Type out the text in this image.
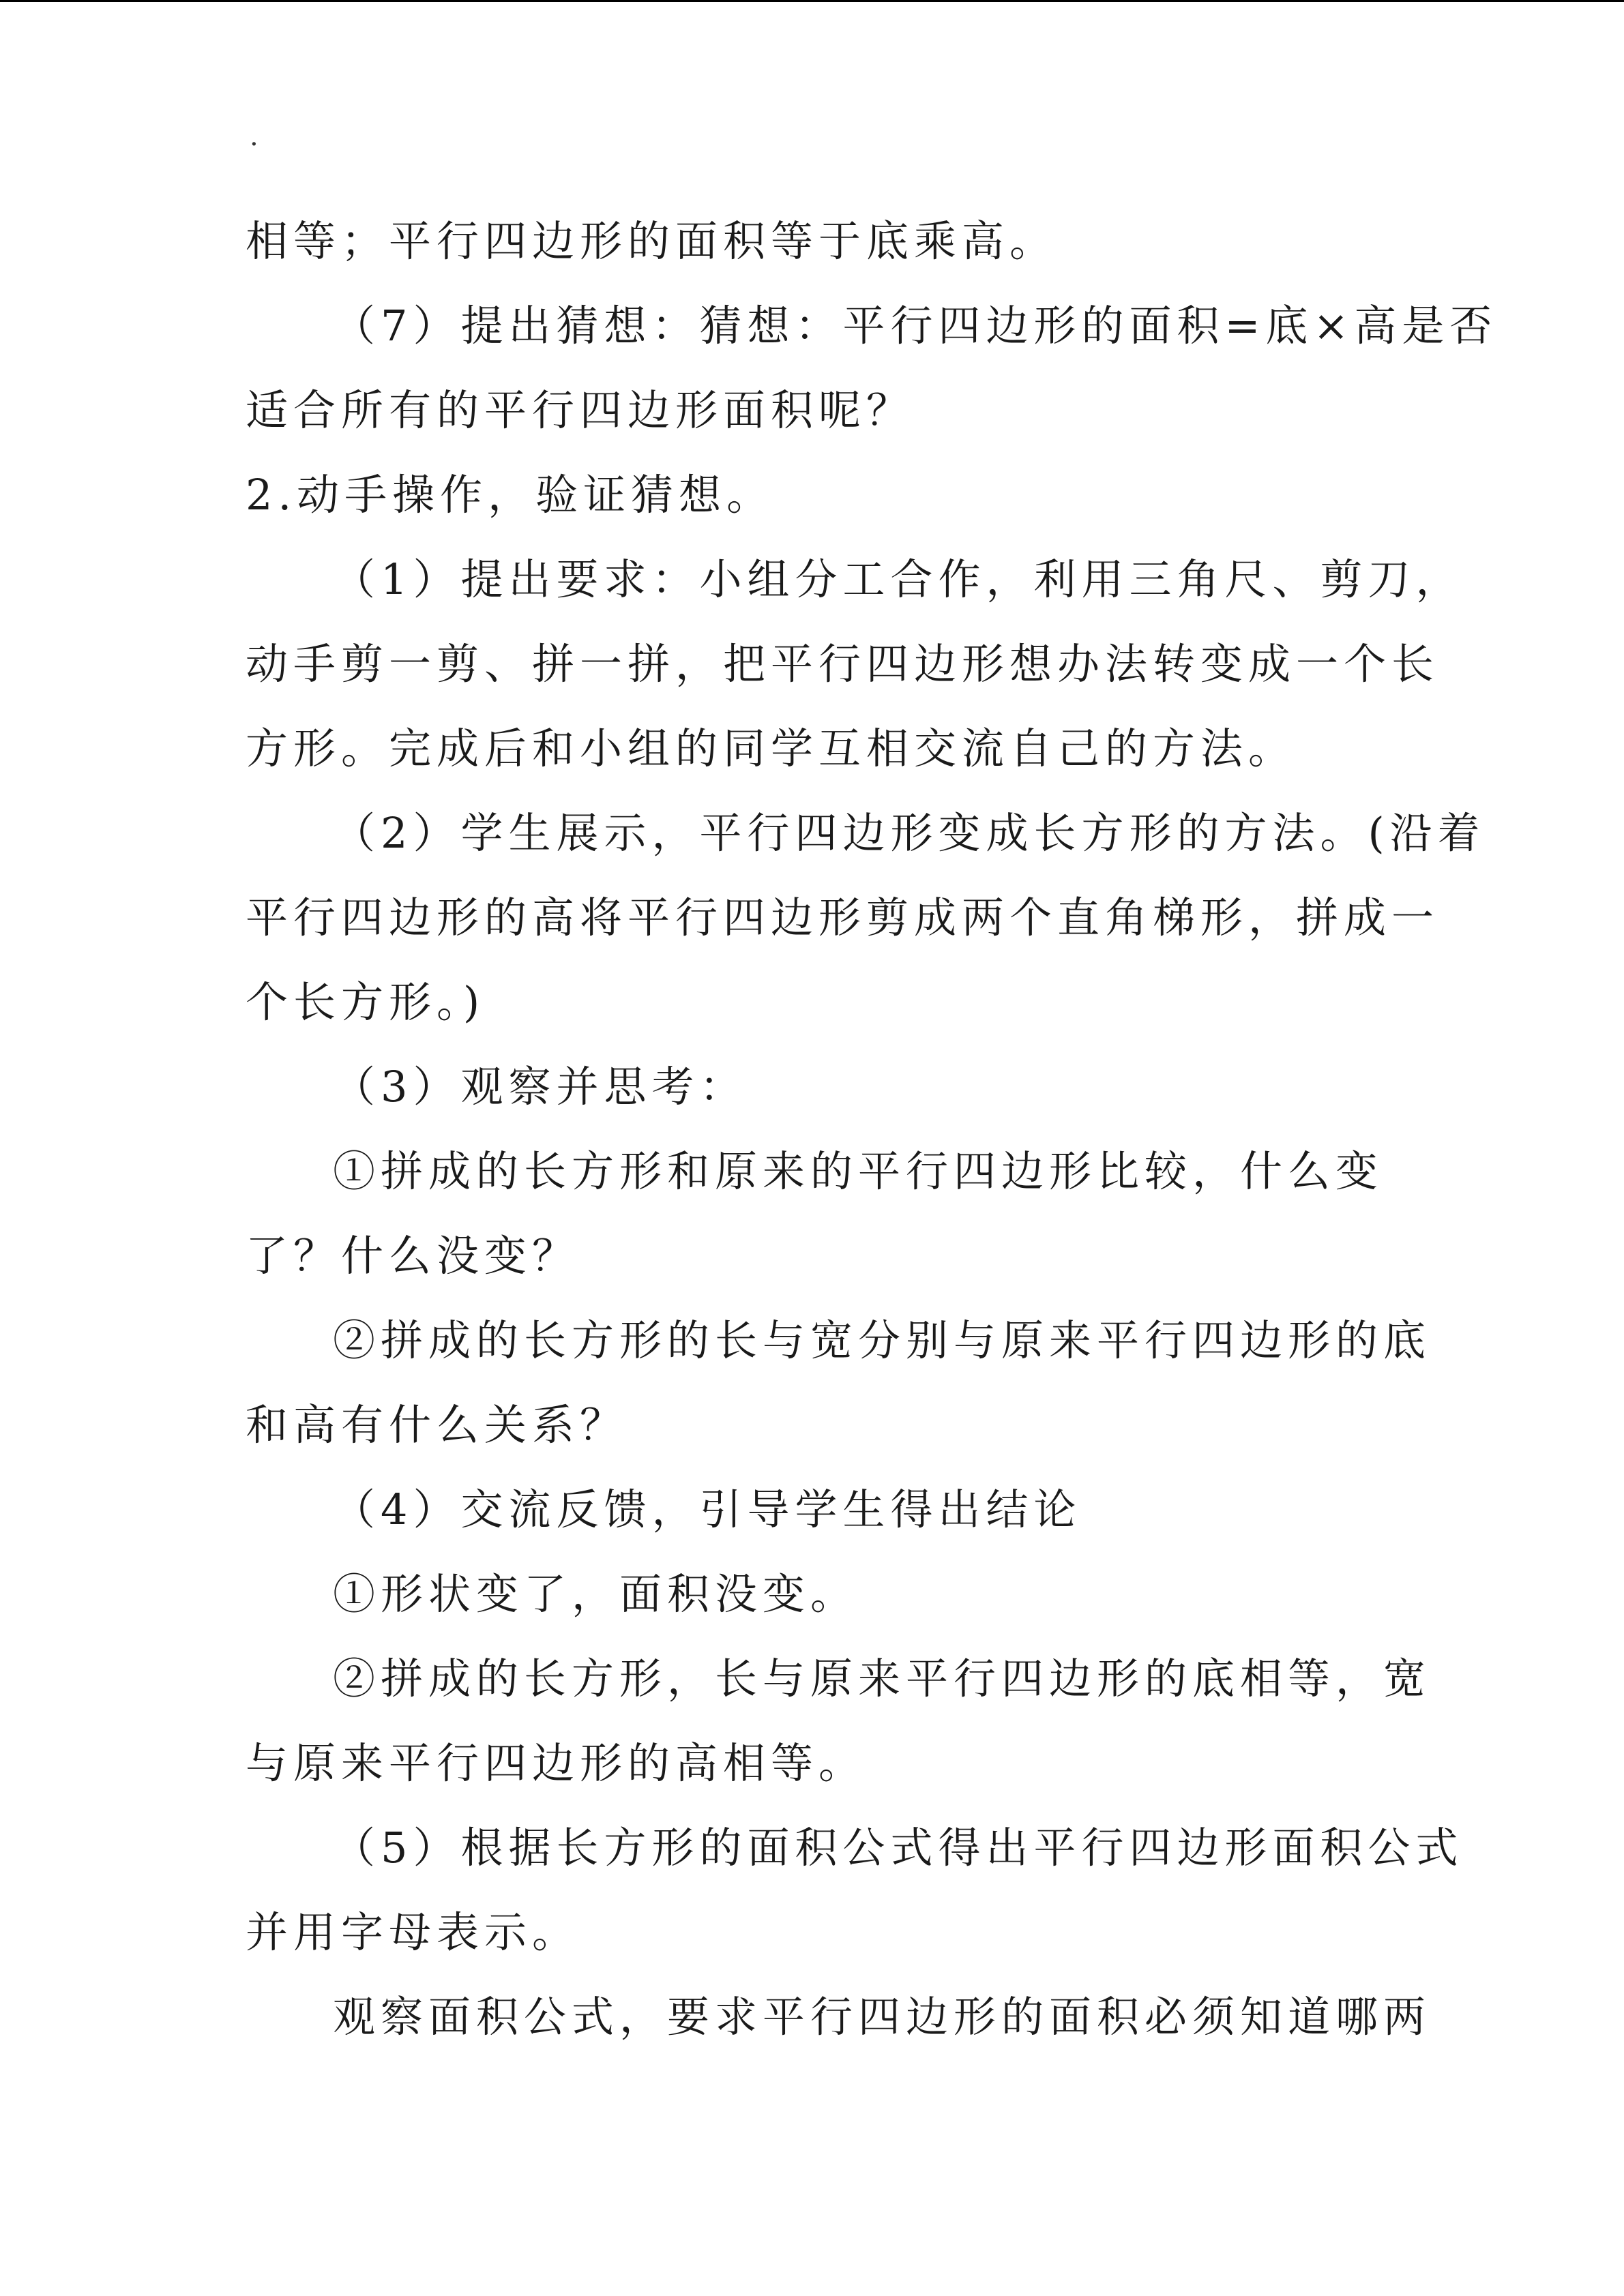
.
相等；平行四边形的面积等于底乘高。
（7）提出猜想：猜想：平行四边形的面积=底×高是否
适合所有的平行四边形面积呢？
2.动手操作，验证猜想。
（1）提出要求：小组分工合作，利用三角尺、剪刀，
动手剪一剪、拼一拼，把平行四边形想办法转变成一个长
方形。完成后和小组的同学互相交流自己的方法。
（2）学生展示，平行四边形变成长方形的方法。(沿着
平行四边形的高将平行四边形剪成两个直角梯形，拼成一
个长方形。)
（3）观察并思考：
①拼成的长方形和原来的平行四边形比较，什么变
了？什么没变？
②拼成的长方形的长与宽分别与原来平行四边形的底
和高有什么关系？
（4）交流反馈，引导学生得出结论
①形状变了，面积没变。
②拼成的长方形，长与原来平行四边形的底相等，宽
与原来平行四边形的高相等。
（5）根据长方形的面积公式得出平行四边形面积公式
并用字母表示。
观察面积公式，要求平行四边形的面积必须知道哪两
